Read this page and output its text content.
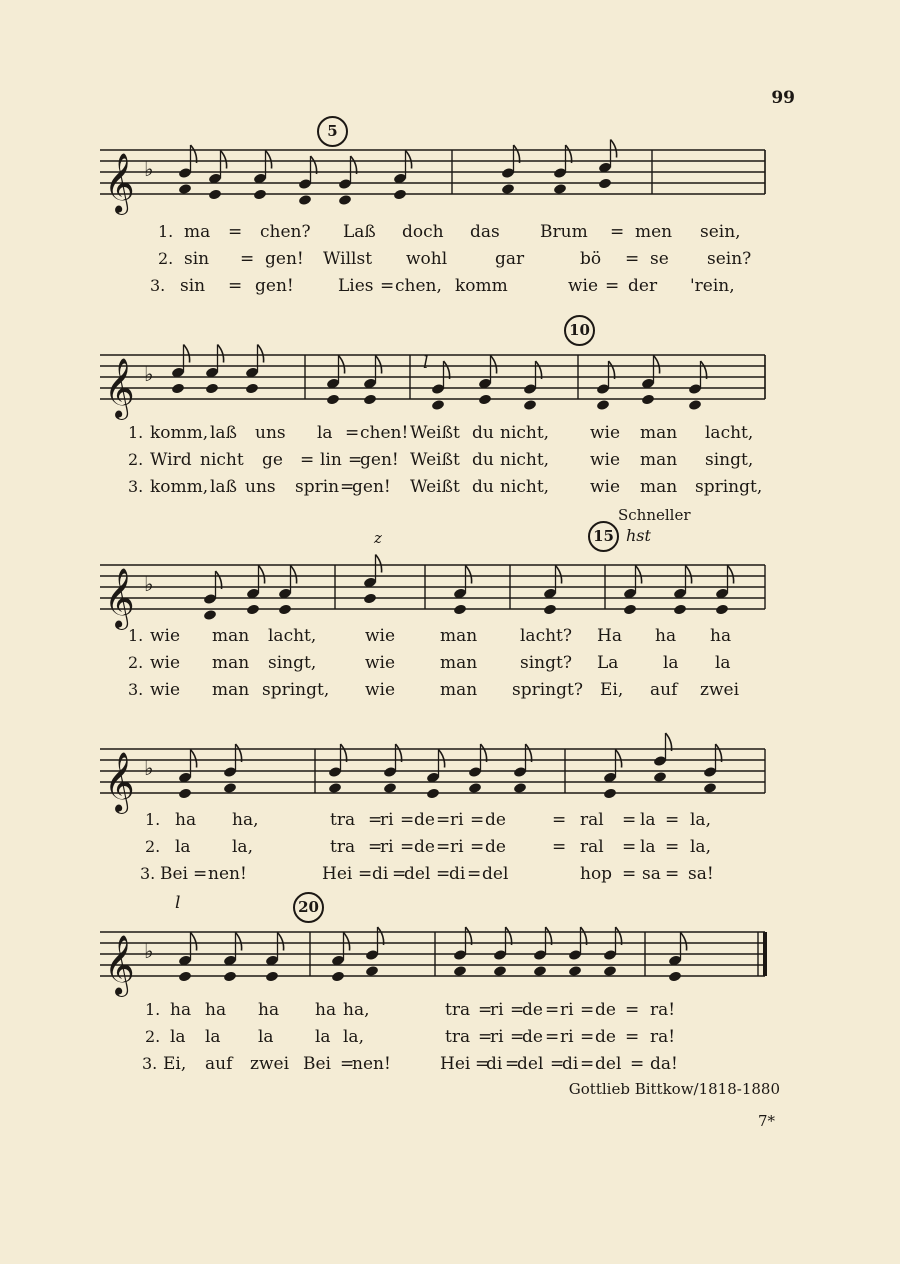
99
𝄞 ♭
𝄞 ♭
𝄞 ♭
𝄞 ♭
𝄞 ♭
5
10
15
20
Schneller
l
z	hst
l
1. ma = chen? Laß doch das Brum = men sein,
2. sin = gen! Willst wohl	gar	bö = se sein?
3. sin = gen!	Lies = chen, komm	wie = der 'rein,
1. komm, laß uns la = chen! Weißt du nicht, wie man lacht,
2. Wird nicht ge = lin =
gen! Weißt du nicht, wie man singt,
3. komm, laß uns sprin =
gen! Weißt du nicht, wie man springt,
1. wie man lacht,	wie	man	lacht? Ha ha ha
2. wie man singt,	wie	man	singt? La	la la
3. wie man springt, wie	man springt? Ei, auf zwei
1. ha ha,	tra =
ri = de = ri = de	= ral = la = la,
2. la la,	tra =
ri = de = ri = de	= ral = la = la,
3. Bei = nen!	Hei = di =
del =
di = del	hop = sa = sa!
1. ha ha ha ha ha,	tra =
ri =
de = ri = de = ra!
2. la la la la la,	tra =
ri =
de = ri = de = ra!
3. Ei, auf zwei Bei =
nen!	Hei =
di =
del =
di = del = da!
Gottlieb Bittkow/1818-1880
7*
